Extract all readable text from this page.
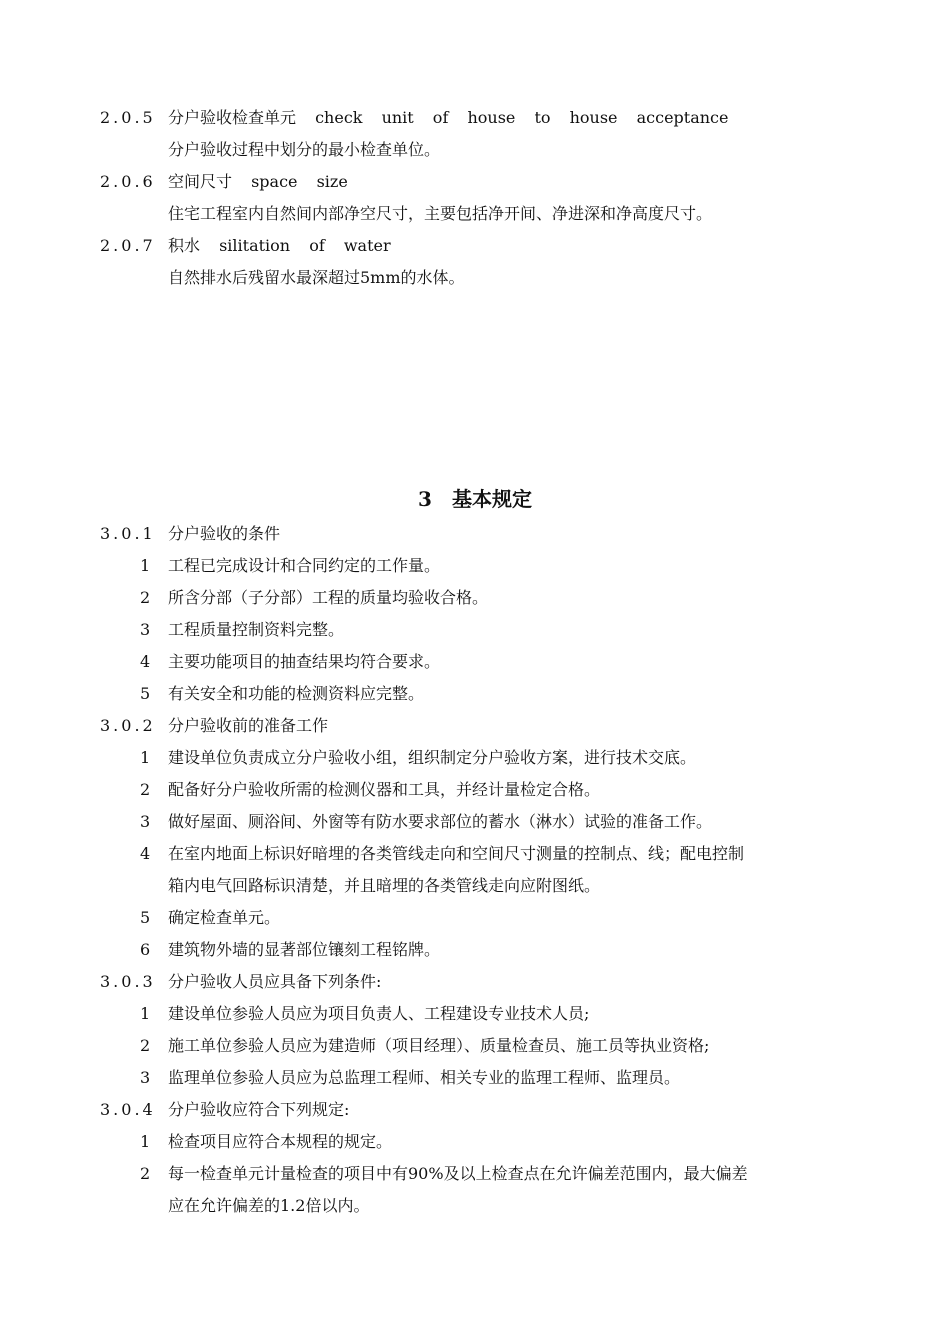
2.0.5 分户验收检查单元 check unit of house to house acceptance
分户验收过程中划分的最小检查单位。
2.0.6 空间尺寸 space size
住宅工程室内自然间内部净空尺寸，主要包括净开间、净进深和净高度尺寸。
2.0.7 积水 silitation of water
自然排水后残留水最深超过5mm的水体。
3 基本规定
3.0.1 分户验收的条件
1 工程已完成设计和合同约定的工作量。
2 所含分部（子分部）工程的质量均验收合格。
3 工程质量控制资料完整。
4 主要功能项目的抽查结果均符合要求。
5 有关安全和功能的检测资料应完整。
3.0.2 分户验收前的准备工作
1 建设单位负责成立分户验收小组，组织制定分户验收方案，进行技术交底。
2 配备好分户验收所需的检测仪器和工具，并经计量检定合格。
3 做好屋面、厕浴间、外窗等有防水要求部位的蓄水（淋水）试验的准备工作。
4 在室内地面上标识好暗埋的各类管线走向和空间尺寸测量的控制点、线；配电控制
箱内电气回路标识清楚，并且暗埋的各类管线走向应附图纸。
5 确定检查单元。
6 建筑物外墙的显著部位镶刻工程铭牌。
3.0.3 分户验收人员应具备下列条件:
1 建设单位参验人员应为项目负责人、工程建设专业技术人员;
2 施工单位参验人员应为建造师（项目经理）、质量检查员、施工员等执业资格;
3 监理单位参验人员应为总监理工程师、相关专业的监理工程师、监理员。
3.0.4 分户验收应符合下列规定:
1 检查项目应符合本规程的规定。
2 每一检查单元计量检查的项目中有90%及以上检查点在允许偏差范围内，最大偏差
应在允许偏差的1.2倍以内。
